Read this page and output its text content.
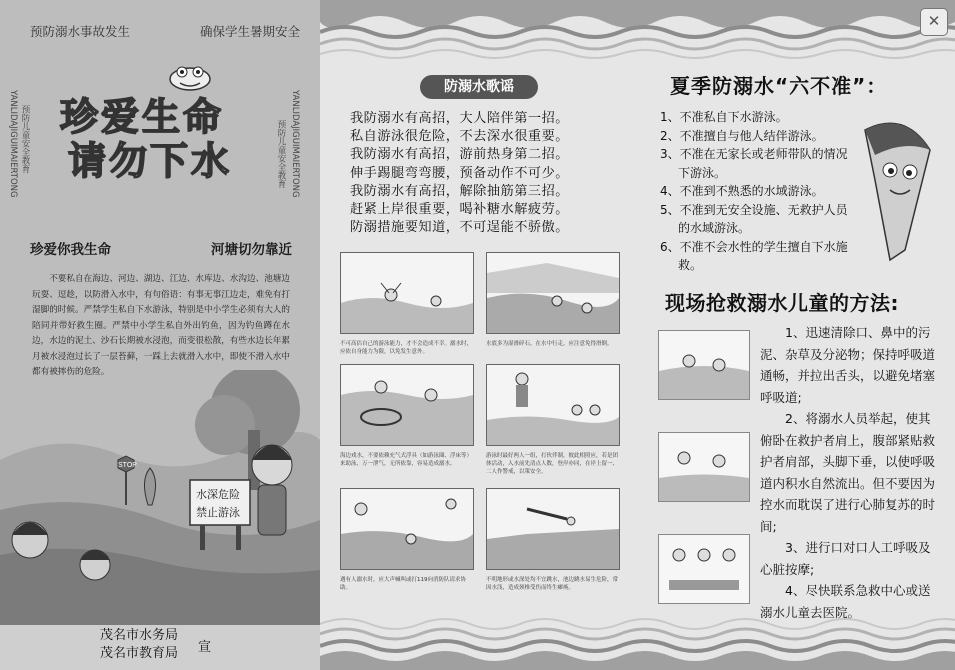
预防溺水事故发生	确保学生暑期安全
YANLIDAJIGUIMAIERTONG 预防儿童安全教育	预防儿童安全教育 YANLIDAJIGUIMAIERTONG
珍爱生命
请勿下水
珍爱你我生命	河塘切勿靠近
不要私自在海边、河边、湖边、江边、水库边、水沟边、池塘边玩耍、逗趁，以防滑入水中，有句俗语：有事无事江边走，难免有打湿脚的时候。严禁学生私自下水游泳，特别是中小学生必须有大人的陪同并带好救生圈。严禁中小学生私自外出钓鱼，因为钓鱼蹲在水边，水边的泥土、沙石长期被水浸泡，而变很松散，有些水边长年累月被水浸泡过长了一层苔藓，一踩上去就滑入水中，即使不滑入水中都有被摔伤的危险。
STOP
水深危险
禁止游泳
茂名市水务局
茂名市教育局 宣
✕
防溺水歌谣
我防溺水有高招，大人陪伴第一招。
私自游泳很危险，不去深水很重要。
我防溺水有高招，游前热身第二招。
伸手踢腿弯弯腰，预备动作不可少。
我防溺水有高招，解除抽筋第三招。
赶紧上岸很重要，喝补糖水解疲劳。
防溺措施要知道，不可逞能不骄傲。
不可高估自己的游泳能力，才不会造成不幸。溺水时，应依自身能力为限，以免发生意外。
水底多为湿滑碎石，在水中行走，应注意免得滑倒。
海边戏水，不要依赖充气式浮具（如游泳圈、浮床等）来助泳，万一泄气，无所依靠，容易造成溺水。
游泳时最好两人一组，打伙伴制，彼此相照应，若是团体活动，入水前先清点人数，登岸亦同，在岸上留一、二人作警戒，以策安全。
遇有人溺水时，应大声喊叫或打119向消防队请求协助。
不明地形或水深处均不宜跳水，池边跳水易生危险，常因水浅，造成颈椎受伤而终生瘫痪。
夏季防溺水“六不准”：
1、不准私自下水游泳。
2、不准擅自与他人结伴游泳。
3、不准在无家长或老师带队的情况下游泳。
4、不准到不熟悉的水域游泳。
5、不准到无安全设施、无救护人员的水域游泳。
6、不准不会水性的学生擅自下水施救。
现场抢救溺水儿童的方法:

1、迅速清除口、鼻中的污泥、杂草及分泌物；保持呼吸道通畅，并拉出舌头，以避免堵塞呼吸道;

2、将溺水人员举起，使其俯卧在救护者肩上，腹部紧贴救护者肩部，头脚下垂，以使呼吸道内积水自然流出。但不要因为控水而耽误了进行心肺复苏的时间;

3、进行口对口人工呼吸及心脏按摩;

4、尽快联系急救中心或送溺水儿童去医院。
